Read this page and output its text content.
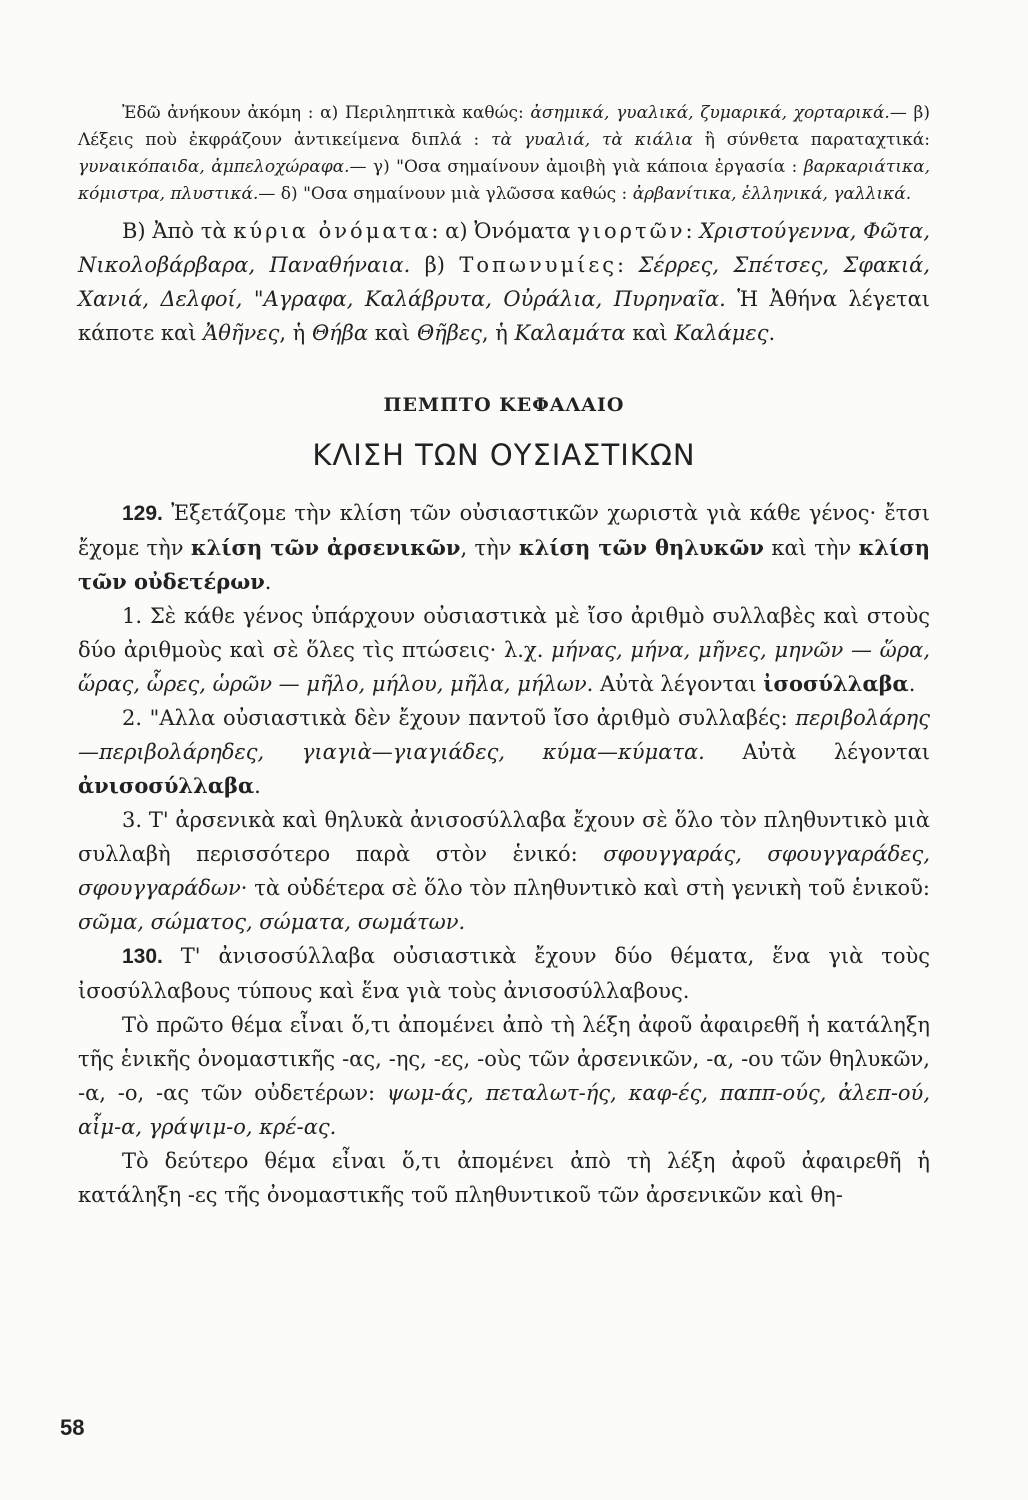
Ἐδῶ ἀνήκουν ἀκόμη : α) Περιληπτικὰ καθώς: ἀσημικά, γυαλικά, ζυμαρικά, χορταρικά.— β) Λέξεις ποὺ ἐκφράζουν ἀντικείμενα διπλά : τὰ γυαλιά, τὰ κιάλια ἢ σύνθετα παραταχτικά: γυναικόπαιδα, ἀμπελοχώραφα.— γ) "Οσα σημαίνουν ἀμοιβὴ γιὰ κάποια ἐργασία : βαρκαριάτικα, κόμιστρα, πλυστικά.— δ) "Οσα σημαίνουν μιὰ γλῶσσα καθώς : ἀρβανίτικα, ἑλληνικά, γαλλικά.

Β) Ἀπὸ τὰ κύρια ὀνόματα: α) Ὀνόματα γιορτῶν: Χριστούγεννα, Φῶτα, Νικολοβάρβαρα, Παναθήναια. β) Τοπωνυμίες: Σέρρες, Σπέτσες, Σφακιά, Χανιά, Δελφοί, "Αγραφα, Καλάβρυτα, Οὐράλια, Πυρηναῖα. Ἡ Ἀθήνα λέγεται κάποτε καὶ Ἀθῆνες, ἡ Θήβα καὶ Θῆβες, ἡ Καλαμάτα καὶ Καλάμες.

ΠΕΜΠΤΟ ΚΕΦΑΛΑΙΟ
ΚΛΙΣΗ ΤΩΝ ΟΥΣΙΑΣΤΙΚΩΝ

129. Ἐξετάζομε τὴν κλίση τῶν οὐσιαστικῶν χωριστὰ γιὰ κάθε γένος· ἔτσι ἔχομε τὴν κλίση τῶν ἀρσενικῶν, τὴν κλίση τῶν θηλυκῶν καὶ τὴν κλίση τῶν οὐδετέρων.

1. Σὲ κάθε γένος ὑπάρχουν οὐσιαστικὰ μὲ ἴσο ἀριθμὸ συλλαβὲς καὶ στοὺς δύο ἀριθμοὺς καὶ σὲ ὅλες τὶς πτώσεις· λ.χ. μήνας, μήνα, μῆνες, μηνῶν — ὥρα, ὥρας, ὧρες, ὡρῶν — μῆλο, μήλου, μῆλα, μήλων. Αὐτὰ λέγονται ἰσοσύλλαβα.

2. "Αλλα οὐσιαστικὰ δὲν ἔχουν παντοῦ ἴσο ἀριθμὸ συλλαβές: περιβολάρης—περιβολάρηδες, γιαγιὰ—γιαγιάδες, κύμα—κύματα. Αὐτὰ λέγονται ἀνισοσύλλαβα.

3. Τ' ἀρσενικὰ καὶ θηλυκὰ ἀνισοσύλλαβα ἔχουν σὲ ὅλο τὸν πληθυντικὸ μιὰ συλλαβὴ περισσότερο παρὰ στὸν ἑνικό: σφουγγαράς, σφουγγαράδες, σφουγγαράδων· τὰ οὐδέτερα σὲ ὅλο τὸν πληθυντικὸ καὶ στὴ γενικὴ τοῦ ἑνικοῦ: σῶμα, σώματος, σώματα, σωμάτων.

130. Τ' ἀνισοσύλλαβα οὐσιαστικὰ ἔχουν δύο θέματα, ἕνα γιὰ τοὺς ἰσοσύλλαβους τύπους καὶ ἕνα γιὰ τοὺς ἀνισοσύλλαβους.

Τὸ πρῶτο θέμα εἶναι ὅ,τι ἀπομένει ἀπὸ τὴ λέξη ἀφοῦ ἀφαιρεθῆ ἡ κατάληξη τῆς ἑνικῆς ὀνομαστικῆς -ας, -ης, -ες, -οὺς τῶν ἀρσενικῶν, -α, -ου τῶν θηλυκῶν, -α, -ο, -ας τῶν οὐδετέρων: ψωμ-άς, πεταλωτ-ής, καφ-ές, παππ-ούς, ἀλεπ-ού, αἷμ-α, γράψιμ-ο, κρέ-ας.

Τὸ δεύτερο θέμα εἶναι ὅ,τι ἀπομένει ἀπὸ τὴ λέξη ἀφοῦ ἀφαιρεθῆ ἡ κατάληξη -ες τῆς ὀνομαστικῆς τοῦ πληθυντικοῦ τῶν ἀρσενικῶν καὶ θη-

58
